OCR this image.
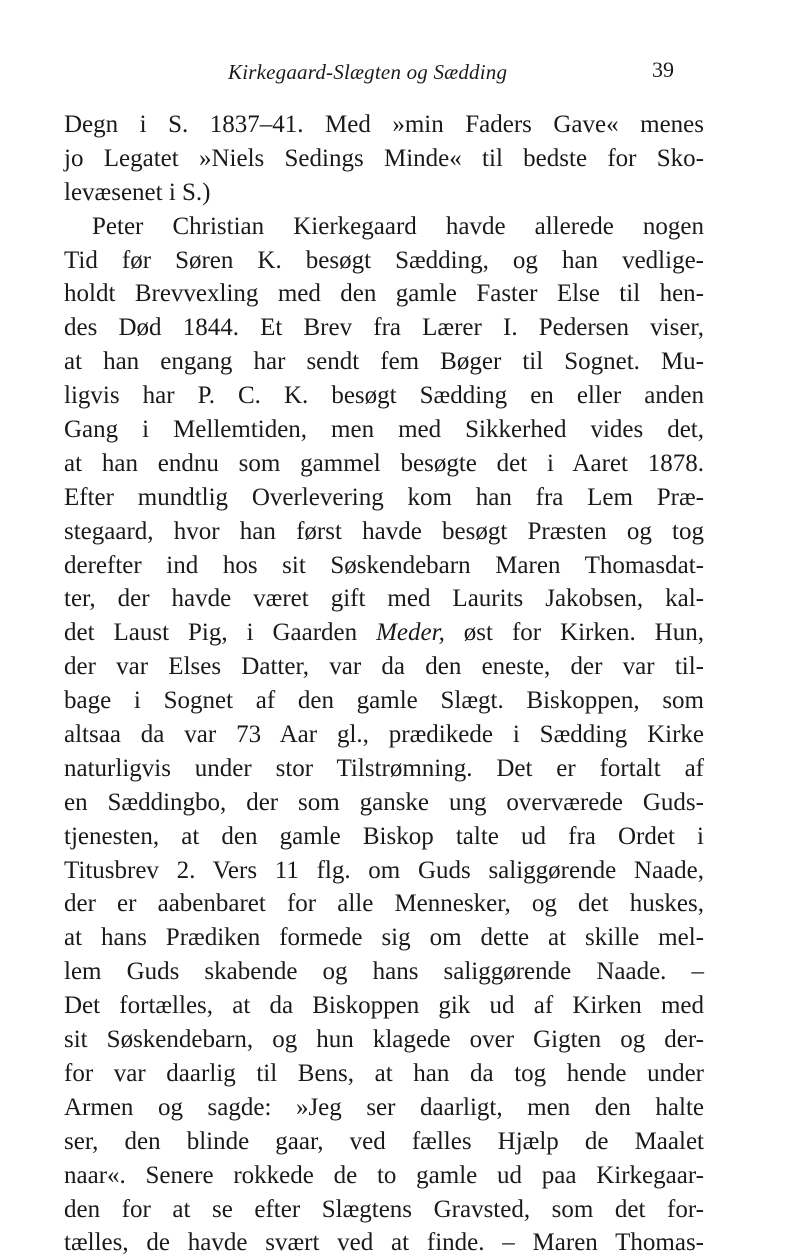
Kirkegaard-Slægten og Sædding	39
Degn i S. 1837–41. Med »min Faders Gave« menes
jo Legatet »Niels Sedings Minde« til bedste for Sko-
levæsenet i S.)
Peter Christian Kierkegaard havde allerede nogen
Tid før Søren K. besøgt Sædding, og han vedlige-
holdt Brevvexling med den gamle Faster Else til hen-
des Død 1844. Et Brev fra Lærer I. Pedersen viser,
at han engang har sendt fem Bøger til Sognet. Mu-
ligvis har P. C. K. besøgt Sædding en eller anden
Gang i Mellemtiden, men med Sikkerhed vides det,
at han endnu som gammel besøgte det i Aaret 1878.
Efter mundtlig Overlevering kom han fra Lem Præ-
stegaard, hvor han først havde besøgt Præsten og tog
derefter ind hos sit Søskendebarn Maren Thomasdat-
ter, der havde været gift med Laurits Jakobsen, kal-
det Laust Pig, i Gaarden Meder, øst for Kirken. Hun,
der var Elses Datter, var da den eneste, der var til-
bage i Sognet af den gamle Slægt. Biskoppen, som
altsaa da var 73 Aar gl., prædikede i Sædding Kirke
naturligvis under stor Tilstrømning. Det er fortalt af
en Sæddingbo, der som ganske ung overværede Guds-
tjenesten, at den gamle Biskop talte ud fra Ordet i
Titusbrev 2. Vers 11 flg. om Guds saliggørende Naade,
der er aabenbaret for alle Mennesker, og det huskes,
at hans Prædiken formede sig om dette at skille mel-
lem Guds skabende og hans saliggørende Naade. –
Det fortælles, at da Biskoppen gik ud af Kirken med
sit Søskendebarn, og hun klagede over Gigten og der-
for var daarlig til Bens, at han da tog hende under
Armen og sagde: »Jeg ser daarligt, men den halte
ser, den blinde gaar, ved fælles Hjælp de Maalet
naar«. Senere rokkede de to gamle ud paa Kirkegaar-
den for at se efter Slægtens Gravsted, som det for-
tælles, de havde svært ved at finde. – Maren Thomas-
